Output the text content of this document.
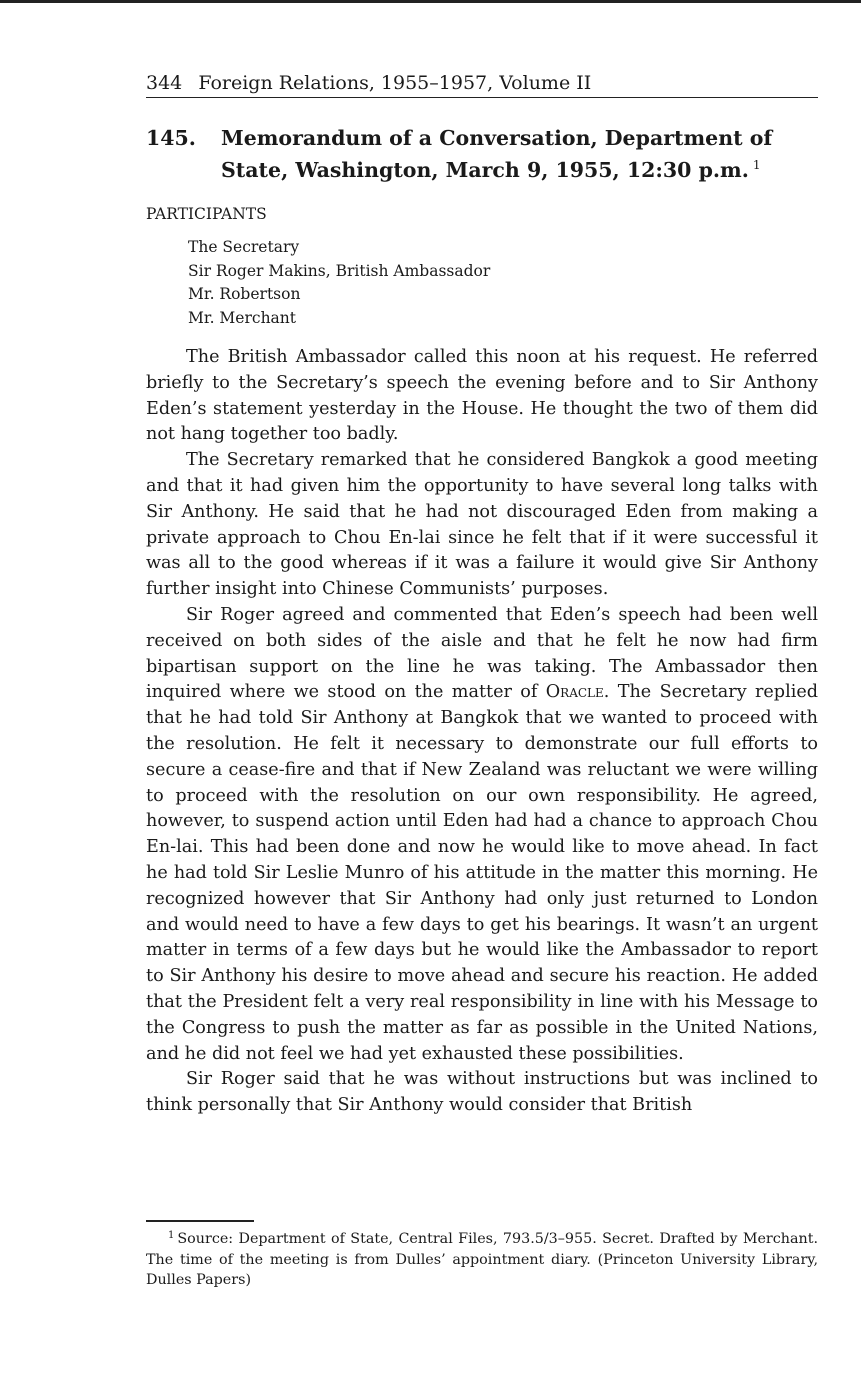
344 Foreign Relations, 1955–1957, Volume II
145. Memorandum of a Conversation, Department of State, Washington, March 9, 1955, 12:30 p.m. $^1$
PARTICIPANTS
The Secretary
Sir Roger Makins, British Ambassador
Mr. Robertson
Mr. Merchant

The British Ambassador called this noon at his request. He referred briefly to the Secretary’s speech the evening before and to Sir Anthony Eden’s statement yesterday in the House. He thought the two of them did not hang together too badly.

The Secretary remarked that he considered Bangkok a good meeting and that it had given him the opportunity to have several long talks with Sir Anthony. He said that he had not discouraged Eden from making a private approach to Chou En-lai since he felt that if it were successful it was all to the good whereas if it was a failure it would give Sir Anthony further insight into Chinese Communists’ purposes.

Sir Roger agreed and commented that Eden’s speech had been well received on both sides of the aisle and that he felt he now had firm bipartisan support on the line he was taking. The Ambassador then inquired where we stood on the matter of Oracle. The Secretary replied that he had told Sir Anthony at Bangkok that we wanted to proceed with the resolution. He felt it necessary to demonstrate our full efforts to secure a cease-fire and that if New Zealand was reluctant we were willing to proceed with the resolution on our own responsibility. He agreed, however, to suspend action until Eden had had a chance to approach Chou En-lai. This had been done and now he would like to move ahead. In fact he had told Sir Leslie Munro of his attitude in the matter this morning. He recognized however that Sir Anthony had only just returned to London and would need to have a few days to get his bearings. It wasn’t an urgent matter in terms of a few days but he would like the Ambassador to report to Sir Anthony his desire to move ahead and secure his reaction. He added that the President felt a very real responsibility in line with his Message to the Congress to push the matter as far as possible in the United Nations, and he did not feel we had yet exhausted these possibilities.

Sir Roger said that he was without instructions but was inclined to think personally that Sir Anthony would consider that British

$^1$ Source: Department of State, Central Files, 793.5/3–955. Secret. Drafted by Merchant. The time of the meeting is from Dulles’ appointment diary. (Princeton University Library, Dulles Papers)
